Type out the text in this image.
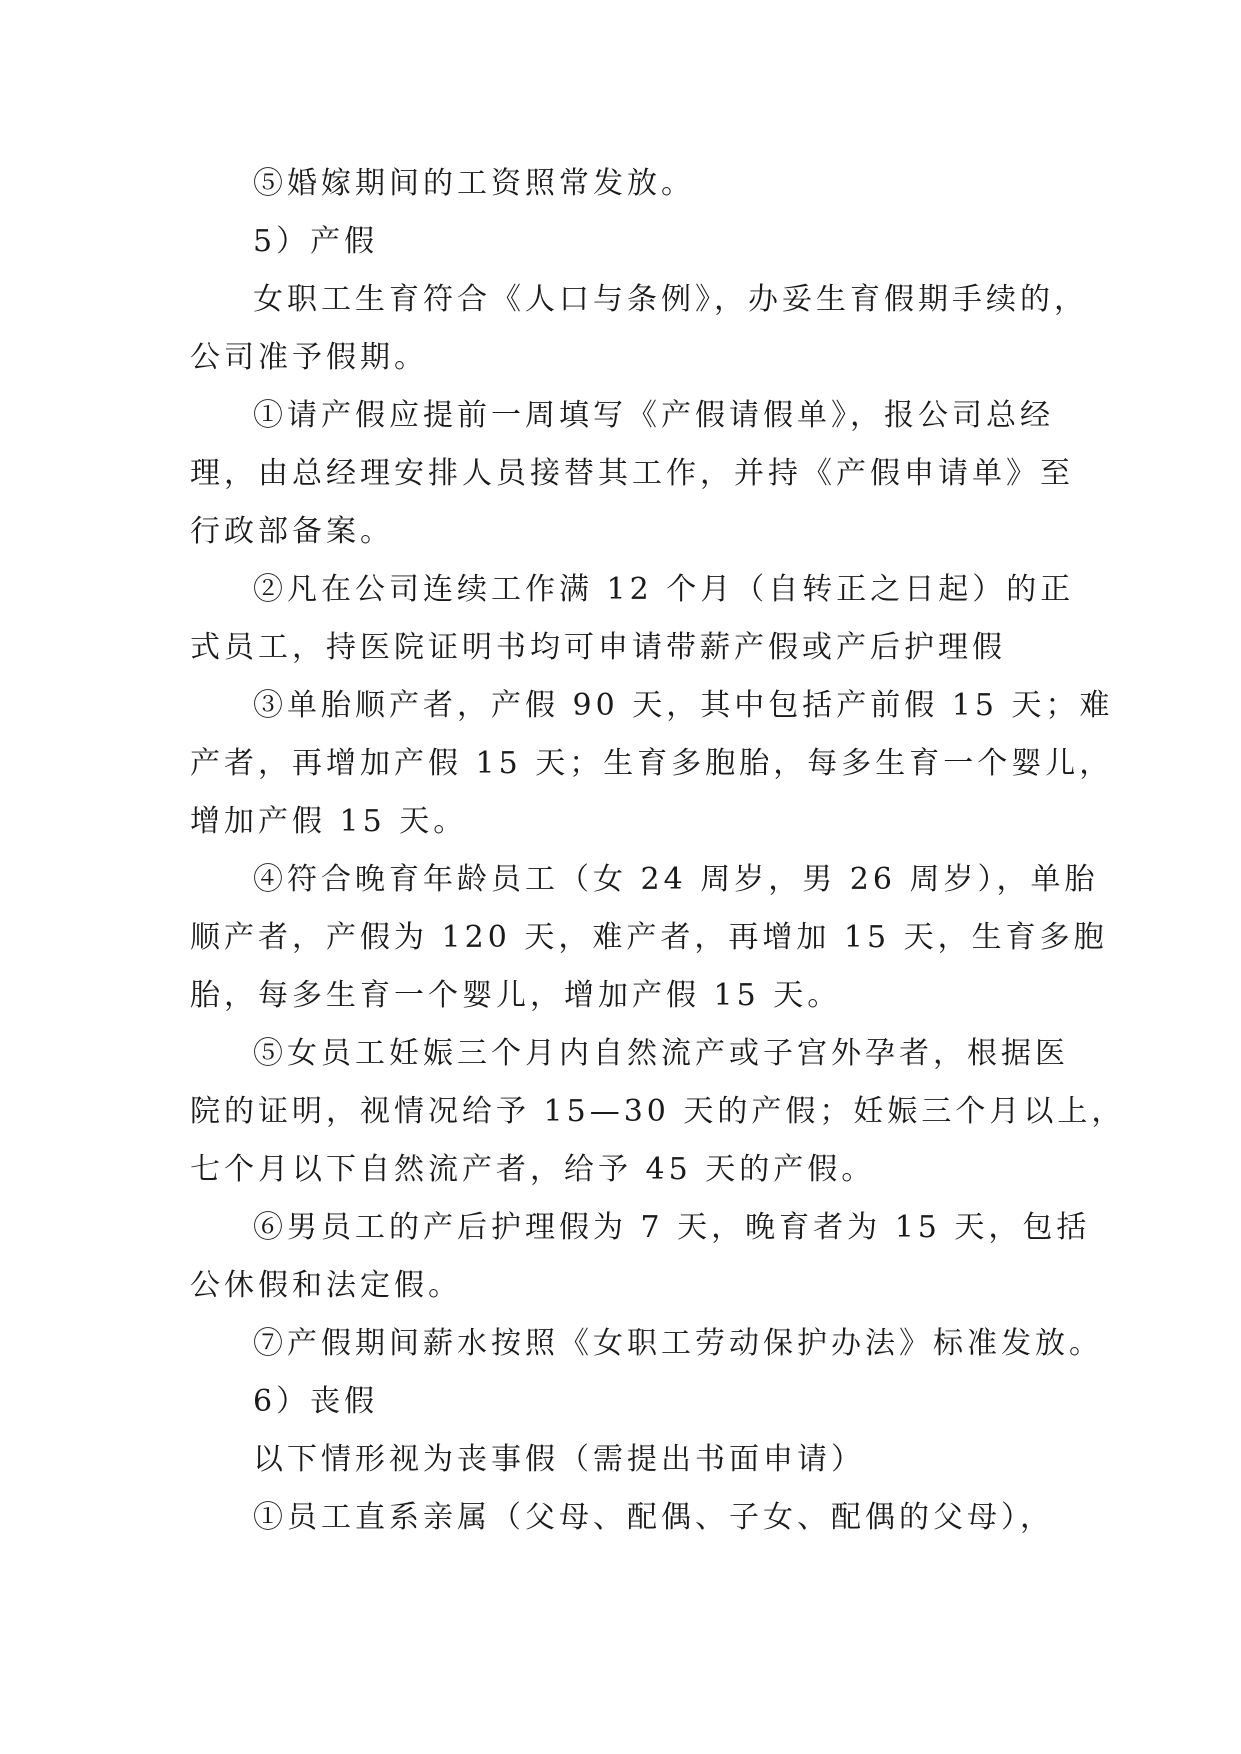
⑤婚嫁期间的工资照常发放。
5）产假
女职工生育符合《人口与条例》，办妥生育假期手续的，
公司准予假期。
①请产假应提前一周填写《产假请假单》，报公司总经
理，由总经理安排人员接替其工作，并持《产假申请单》至
行政部备案。
②凡在公司连续工作满 12 个月（自转正之日起）的正
式员工，持医院证明书均可申请带薪产假或产后护理假
③单胎顺产者，产假 90 天，其中包括产前假 15 天；难
产者，再增加产假 15 天；生育多胞胎，每多生育一个婴儿，
增加产假 15 天。
④符合晚育年龄员工（女 24 周岁，男 26 周岁），单胎
顺产者，产假为 120 天，难产者，再增加 15 天，生育多胞
胎，每多生育一个婴儿，增加产假 15 天。
⑤女员工妊娠三个月内自然流产或子宫外孕者，根据医
院的证明，视情况给予 15—30 天的产假；妊娠三个月以上，
七个月以下自然流产者，给予 45 天的产假。
⑥男员工的产后护理假为 7 天，晚育者为 15 天，包括
公休假和法定假。
⑦产假期间薪水按照《女职工劳动保护办法》标准发放。
6）丧假
以下情形视为丧事假（需提出书面申请）
①员工直系亲属（父母、配偶、子女、配偶的父母），
